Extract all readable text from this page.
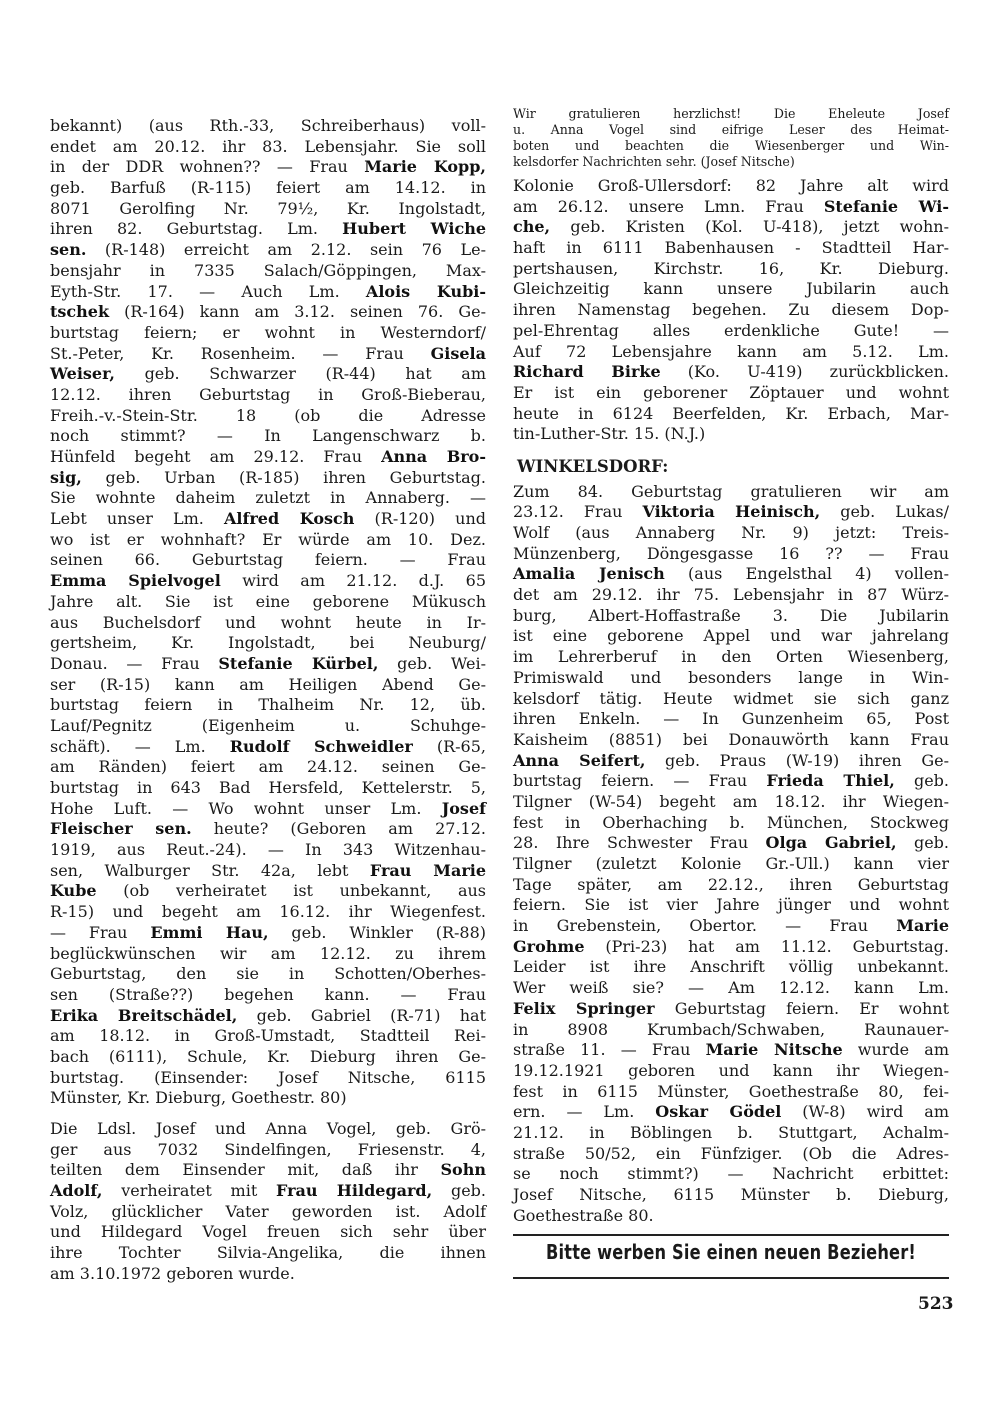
bekannt) (aus Rth.-33, Schreiberhaus) voll-
endet am 20.12. ihr 83. Lebensjahr. Sie soll
in der DDR wohnen?? — Frau Marie Kopp,
geb. Barfuß (R-115) feiert am 14.12. in
8071 Gerolfing Nr. 79½, Kr. Ingolstadt,
ihren 82. Geburtstag. Lm. Hubert Wiche
sen. (R-148) erreicht am 2.12. sein 76 Le-
bensjahr in 7335 Salach/Göppingen, Max-
Eyth-Str. 17. — Auch Lm. Alois Kubi-
tschek (R-164) kann am 3.12. seinen 76. Ge-
burtstag feiern; er wohnt in Westerndorf/
St.-Peter, Kr. Rosenheim. — Frau Gisela
Weiser, geb. Schwarzer (R-44) hat am
12.12. ihren Geburtstag in Groß-Bieberau,
Freih.-v.-Stein-Str. 18 (ob die Adresse
noch stimmt? — In Langenschwarz b.
Hünfeld begeht am 29.12. Frau Anna Bro-
sig, geb. Urban (R-185) ihren Geburtstag.
Sie wohnte daheim zuletzt in Annaberg. —
Lebt unser Lm. Alfred Kosch (R-120) und
wo ist er wohnhaft? Er würde am 10. Dez.
seinen 66. Geburtstag feiern. — Frau
Emma Spielvogel wird am 21.12. d.J. 65
Jahre alt. Sie ist eine geborene Mükusch
aus Buchelsdorf und wohnt heute in Ir-
gertsheim, Kr. Ingolstadt, bei Neuburg/
Donau. — Frau Stefanie Kürbel, geb. Wei-
ser (R-15) kann am Heiligen Abend Ge-
burtstag feiern in Thalheim Nr. 12, üb.
Lauf/Pegnitz (Eigenheim u. Schuhge-
schäft). — Lm. Rudolf Schweidler (R-65,
am Ränden) feiert am 24.12. seinen Ge-
burtstag in 643 Bad Hersfeld, Kettelerstr. 5,
Hohe Luft. — Wo wohnt unser Lm. Josef
Fleischer sen. heute? (Geboren am 27.12.
1919, aus Reut.-24). — In 343 Witzenhau-
sen, Walburger Str. 42a, lebt Frau Marie
Kube (ob verheiratet ist unbekannt, aus
R-15) und begeht am 16.12. ihr Wiegenfest.
— Frau Emmi Hau, geb. Winkler (R-88)
beglückwünschen wir am 12.12. zu ihrem
Geburtstag, den sie in Schotten/Oberhes-
sen (Straße??) begehen kann. — Frau
Erika Breitschädel, geb. Gabriel (R-71) hat
am 18.12. in Groß-Umstadt, Stadtteil Rei-
bach (6111), Schule, Kr. Dieburg ihren Ge-
burtstag. (Einsender: Josef Nitsche, 6115
Münster, Kr. Dieburg, Goethestr. 80)
Die Ldsl. Josef und Anna Vogel, geb. Grö-
ger aus 7032 Sindelfingen, Friesenstr. 4,
teilten dem Einsender mit, daß ihr Sohn
Adolf, verheiratet mit Frau Hildegard, geb.
Volz, glücklicher Vater geworden ist. Adolf
und Hildegard Vogel freuen sich sehr über
ihre Tochter Silvia-Angelika, die ihnen
am 3.10.1972 geboren wurde.
Wir gratulieren herzlichst! Die Eheleute Josef
u. Anna Vogel sind eifrige Leser des Heimat-
boten und beachten die Wiesenberger und Win-
kelsdorfer Nachrichten sehr. (Josef Nitsche)
Kolonie Groß-Ullersdorf: 82 Jahre alt wird
am 26.12. unsere Lmn. Frau Stefanie Wi-
che, geb. Kristen (Kol. U-418), jetzt wohn-
haft in 6111 Babenhausen - Stadtteil Har-
pertshausen, Kirchstr. 16, Kr. Dieburg.
Gleichzeitig kann unsere Jubilarin auch
ihren Namenstag begehen. Zu diesem Dop-
pel-Ehrentag alles erdenkliche Gute! —
Auf 72 Lebensjahre kann am 5.12. Lm.
Richard Birke (Ko. U-419) zurückblicken.
Er ist ein geborener Zöptauer und wohnt
heute in 6124 Beerfelden, Kr. Erbach, Mar-
tin-Luther-Str. 15. (N.J.)
WINKELSDORF:
Zum 84. Geburtstag gratulieren wir am
23.12. Frau Viktoria Heinisch, geb. Lukas/
Wolf (aus Annaberg Nr. 9) jetzt: Treis-
Münzenberg, Döngesgasse 16 ?? — Frau
Amalia Jenisch (aus Engelsthal 4) vollen-
det am 29.12. ihr 75. Lebensjahr in 87 Würz-
burg, Albert-Hoffastraße 3. Die Jubilarin
ist eine geborene Appel und war jahrelang
im Lehrerberuf in den Orten Wiesenberg,
Primiswald und besonders lange in Win-
kelsdorf tätig. Heute widmet sie sich ganz
ihren Enkeln. — In Gunzenheim 65, Post
Kaisheim (8851) bei Donauwörth kann Frau
Anna Seifert, geb. Praus (W-19) ihren Ge-
burtstag feiern. — Frau Frieda Thiel, geb.
Tilgner (W-54) begeht am 18.12. ihr Wiegen-
fest in Oberhaching b. München, Stockweg
28. Ihre Schwester Frau Olga Gabriel, geb.
Tilgner (zuletzt Kolonie Gr.-Ull.) kann vier
Tage später, am 22.12., ihren Geburtstag
feiern. Sie ist vier Jahre jünger und wohnt
in Grebenstein, Obertor. — Frau Marie
Grohme (Pri-23) hat am 11.12. Geburtstag.
Leider ist ihre Anschrift völlig unbekannt.
Wer weiß sie? — Am 12.12. kann Lm.
Felix Springer Geburtstag feiern. Er wohnt
in 8908 Krumbach/Schwaben, Raunauer-
straße 11. — Frau Marie Nitsche wurde am
19.12.1921 geboren und kann ihr Wiegen-
fest in 6115 Münster, Goethestraße 80, fei-
ern. — Lm. Oskar Gödel (W-8) wird am
21.12. in Böblingen b. Stuttgart, Achalm-
straße 50/52, ein Fünfziger. (Ob die Adres-
se noch stimmt?) — Nachricht erbittet:
Josef Nitsche, 6115 Münster b. Dieburg,
Goethestraße 80.
Bitte werben Sie einen neuen Bezieher!
523
